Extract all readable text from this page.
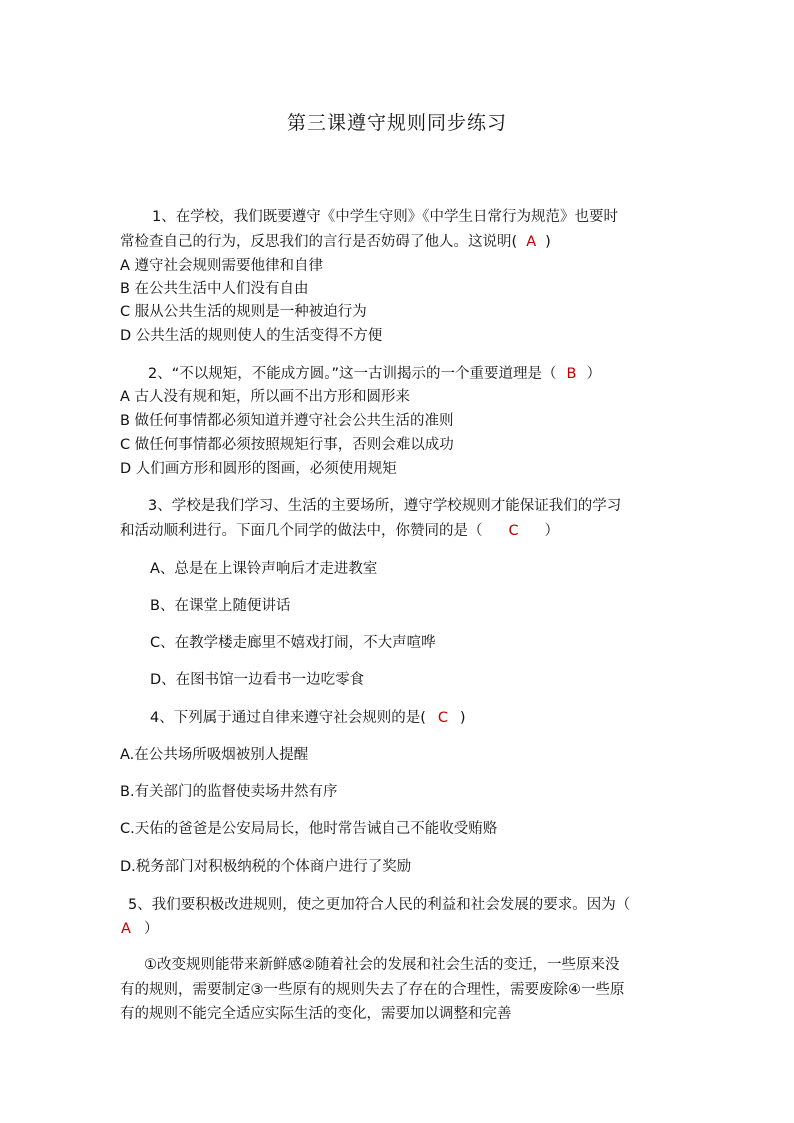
第三课遵守规则同步练习
1、在学校，我们既要遵守《中学生守则》《中学生日常行为规范》也要时
常检查自己的行为，反思我们的言行是否妨碍了他人。这说明( A )
A 遵守社会规则需要他律和自律
B 在公共生活中人们没有自由
C 服从公共生活的规则是一种被迫行为
D 公共生活的规则使人的生活变得不方便
2、“不以规矩，不能成方圆。”这一古训揭示的一个重要道理是（ B ）
A 古人没有规和矩，所以画不出方形和圆形来
B 做任何事情都必须知道并遵守社会公共生活的准则
C 做任何事情都必须按照规矩行事，否则会难以成功
D 人们画方形和圆形的图画，必须使用规矩
3、学校是我们学习、生活的主要场所，遵守学校规则才能保证我们的学习
和活动顺利进行。下面几个同学的做法中，你赞同的是（ C ）
A、总是在上课铃声响后才走进教室
B、在课堂上随便讲话
C、在教学楼走廊里不嬉戏打闹，不大声喧哗
D、在图书馆一边看书一边吃零食
4、下列属于通过自律来遵守社会规则的是( C )
A.在公共场所吸烟被别人提醒
B.有关部门的监督使卖场井然有序
C.天佑的爸爸是公安局局长，他时常告诫自己不能收受贿赂
D.税务部门对积极纳税的个体商户进行了奖励
5、我们要积极改进规则，使之更加符合人民的利益和社会发展的要求。因为（
A ）
①改变规则能带来新鲜感②随着社会的发展和社会生活的变迁，一些原来没
有的规则，需要制定③一些原有的规则失去了存在的合理性，需要废除④一些原
有的规则不能完全适应实际生活的变化，需要加以调整和完善
